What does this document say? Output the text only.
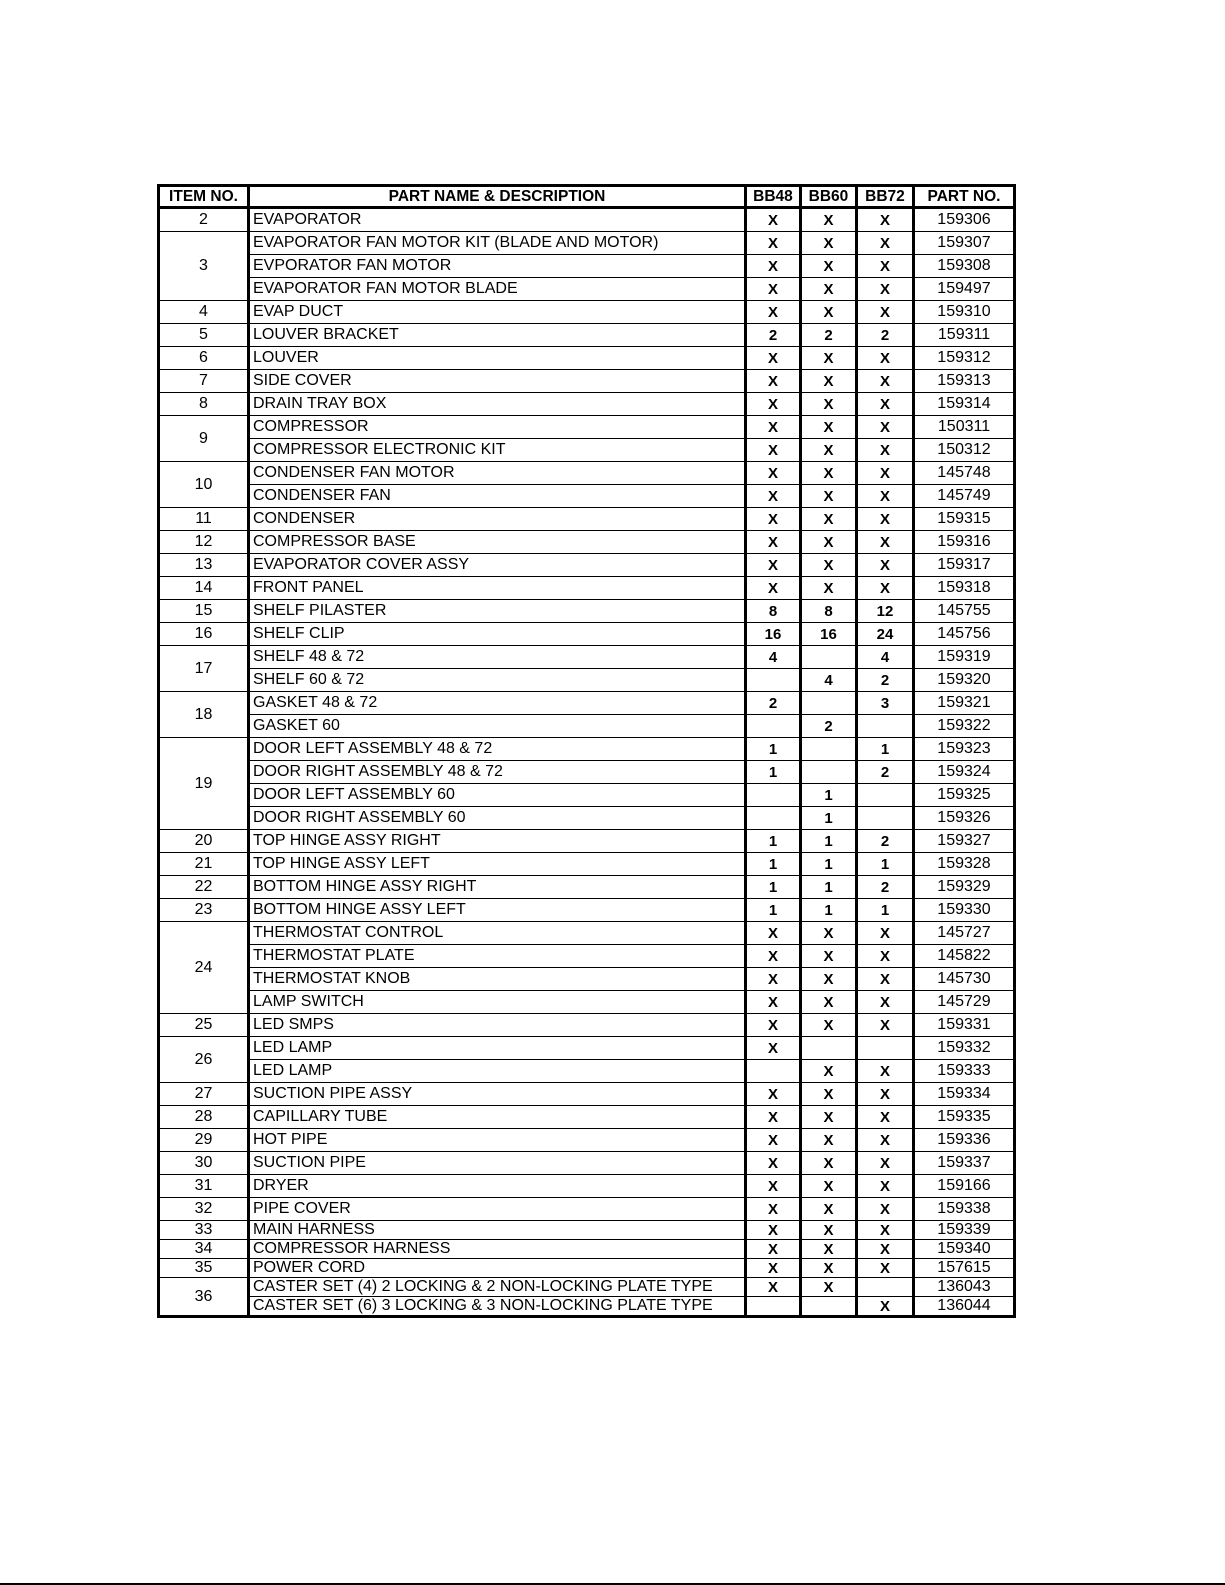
ITEM NO.	PART NAME & DESCRIPTION	BB48	BB60	BB72	PART NO.
2	EVAPORATOR	X	X	X	159306
3	EVAPORATOR FAN MOTOR KIT (BLADE AND MOTOR)	X	X	X	159307
	EVPORATOR FAN MOTOR	X	X	X	159308
	EVAPORATOR FAN MOTOR BLADE	X	X	X	159497
4	EVAP DUCT	X	X	X	159310
5	LOUVER BRACKET	2	2	2	159311
6	LOUVER	X	X	X	159312
7	SIDE COVER	X	X	X	159313
8	DRAIN TRAY BOX	X	X	X	159314
9	COMPRESSOR	X	X	X	150311
	COMPRESSOR ELECTRONIC KIT	X	X	X	150312
10	CONDENSER FAN MOTOR	X	X	X	145748
	CONDENSER FAN	X	X	X	145749
11	CONDENSER	X	X	X	159315
12	COMPRESSOR BASE	X	X	X	159316
13	EVAPORATOR COVER ASSY	X	X	X	159317
14	FRONT PANEL	X	X	X	159318
15	SHELF PILASTER	8	8	12	145755
16	SHELF CLIP	16	16	24	145756
17	SHELF 48 & 72	4		4	159319
	SHELF 60 & 72		4	2	159320
18	GASKET 48 & 72	2		3	159321
	GASKET 60		2		159322
19	DOOR LEFT ASSEMBLY 48 & 72	1		1	159323
	DOOR RIGHT ASSEMBLY 48 & 72	1		2	159324
	DOOR LEFT ASSEMBLY 60		1		159325
	DOOR RIGHT ASSEMBLY 60		1		159326
20	TOP HINGE ASSY RIGHT	1	1	2	159327
21	TOP HINGE ASSY LEFT	1	1	1	159328
22	BOTTOM HINGE ASSY RIGHT	1	1	2	159329
23	BOTTOM HINGE ASSY LEFT	1	1	1	159330
24	THERMOSTAT CONTROL	X	X	X	145727
	THERMOSTAT PLATE	X	X	X	145822
	THERMOSTAT KNOB	X	X	X	145730
	LAMP SWITCH	X	X	X	145729
25	LED SMPS	X	X	X	159331
26	LED LAMP	X			159332
	LED LAMP		X	X	159333
27	SUCTION PIPE ASSY	X	X	X	159334
28	CAPILLARY TUBE	X	X	X	159335
29	HOT PIPE	X	X	X	159336
30	SUCTION PIPE	X	X	X	159337
31	DRYER	X	X	X	159166
32	PIPE COVER	X	X	X	159338
33	MAIN HARNESS	X	X	X	159339
34	COMPRESSOR HARNESS	X	X	X	159340
35	POWER CORD	X	X	X	157615
36	CASTER SET (4) 2 LOCKING & 2 NON-LOCKING PLATE TYPE	X	X		136043
	CASTER SET (6) 3 LOCKING & 3 NON-LOCKING PLATE TYPE			X	136044
